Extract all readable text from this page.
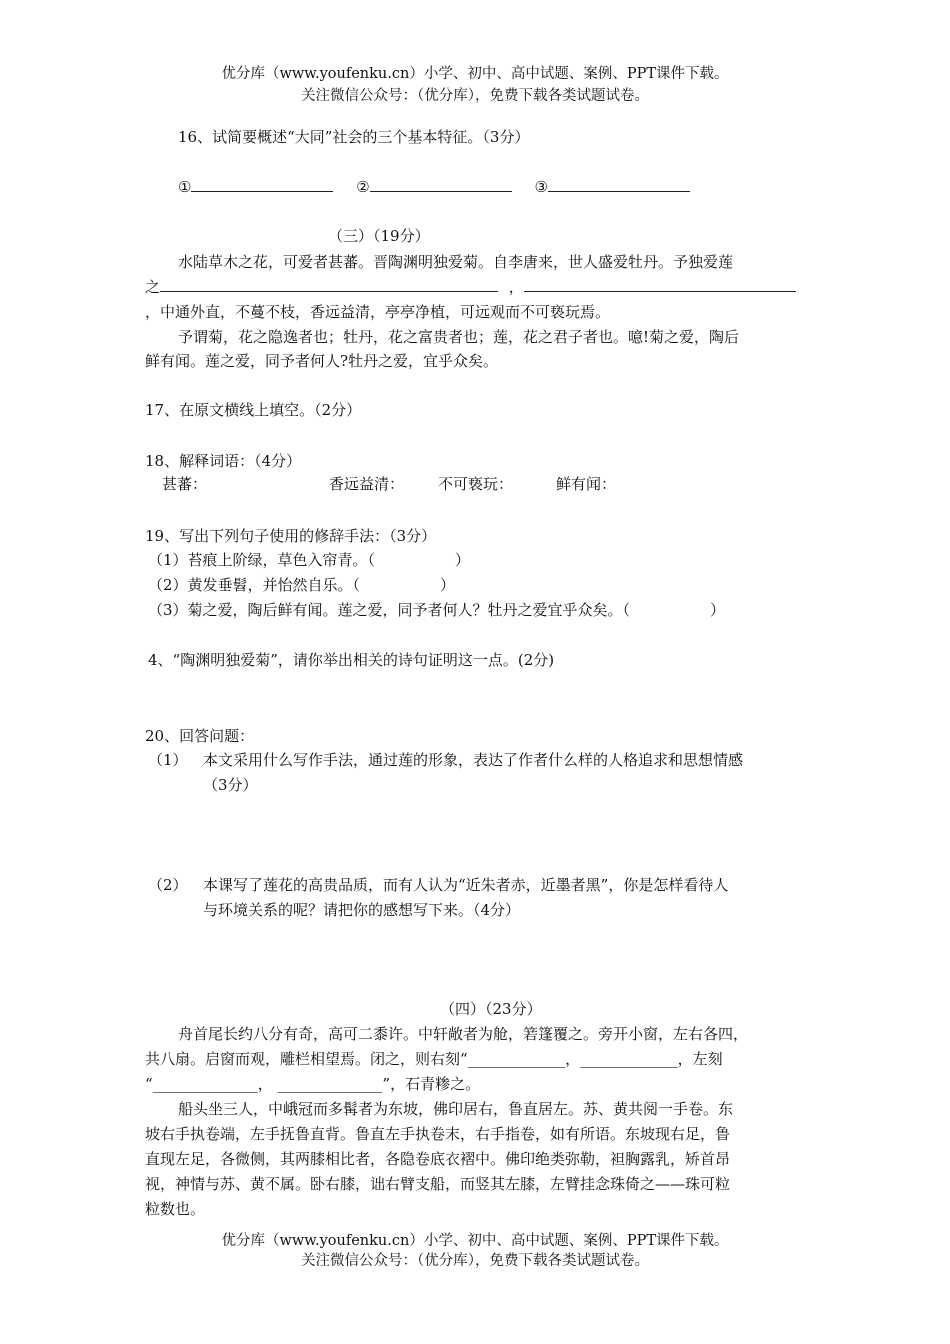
优分库（www.youfenku.cn）小学、初中、高中试题、案例、PPT课件下载。
关注微信公众号：（优分库），免费下载各类试题试卷。
16、试简要概述“大同”社会的三个基本特征。（3分）
①	②	③
（三）（19分）
水陆草木之花，可爱者甚蕃。晋陶渊明独爱菊。自李唐来，世人盛爱牡丹。予独爱莲
之	，
，中通外直，不蔓不枝，香远益清，亭亭净植，可远观而不可亵玩焉。
予谓菊，花之隐逸者也；牡丹，花之富贵者也；莲，花之君子者也。噫!菊之爱，陶后
鲜有闻。莲之爱，同予者何人?牡丹之爱，宜乎众矣。
17、在原文横线上填空。（2分）
18、解释词语：（4分）
甚蕃：	香远益清： 不可亵玩：	鲜有闻：
19、写出下列句子使用的修辞手法：（3分）
（1）苔痕上阶绿，草色入帘青。（	）
（2）黄发垂髫，并怡然自乐。（	）
（3）菊之爱，陶后鲜有闻。莲之爱，同予者何人？牡丹之爱宜乎众矣。（	）
4、“陶渊明独爱菊”，请你举出相关的诗句证明这一点。(2分)
20、回答问题：
（1） 本文采用什么写作手法，通过莲的形象，表达了作者什么样的人格追求和思想情感
（3分）
（2） 本课写了莲花的高贵品质，而有人认为“近朱者赤，近墨者黑”，你是怎样看待人
与环境关系的呢？请把你的感想写下来。（4分）
（四）（23分）
舟首尾长约八分有奇，高可二黍许。中轩敞者为舱，箬篷覆之。旁开小窗，左右各四，
共八扇。启窗而观，雕栏相望焉。闭之，则右刻“_____________，_____________，左刻
“______________， ______________”，石青糁之。
船头坐三人，中峨冠而多髯者为东坡，佛印居右，鲁直居左。苏、黄共阅一手卷。东
坡右手执卷端，左手抚鲁直背。鲁直左手执卷末，右手指卷，如有所语。东坡现右足，鲁
直现左足，各微侧，其两膝相比者，各隐卷底衣褶中。佛印绝类弥勒，袒胸露乳，矫首昂
视，神情与苏、黄不属。卧右膝，诎右臂支船，而竖其左膝，左臂挂念珠倚之——珠可粒
粒数也。
优分库（www.youfenku.cn）小学、初中、高中试题、案例、PPT课件下载。
关注微信公众号：（优分库），免费下载各类试题试卷。
